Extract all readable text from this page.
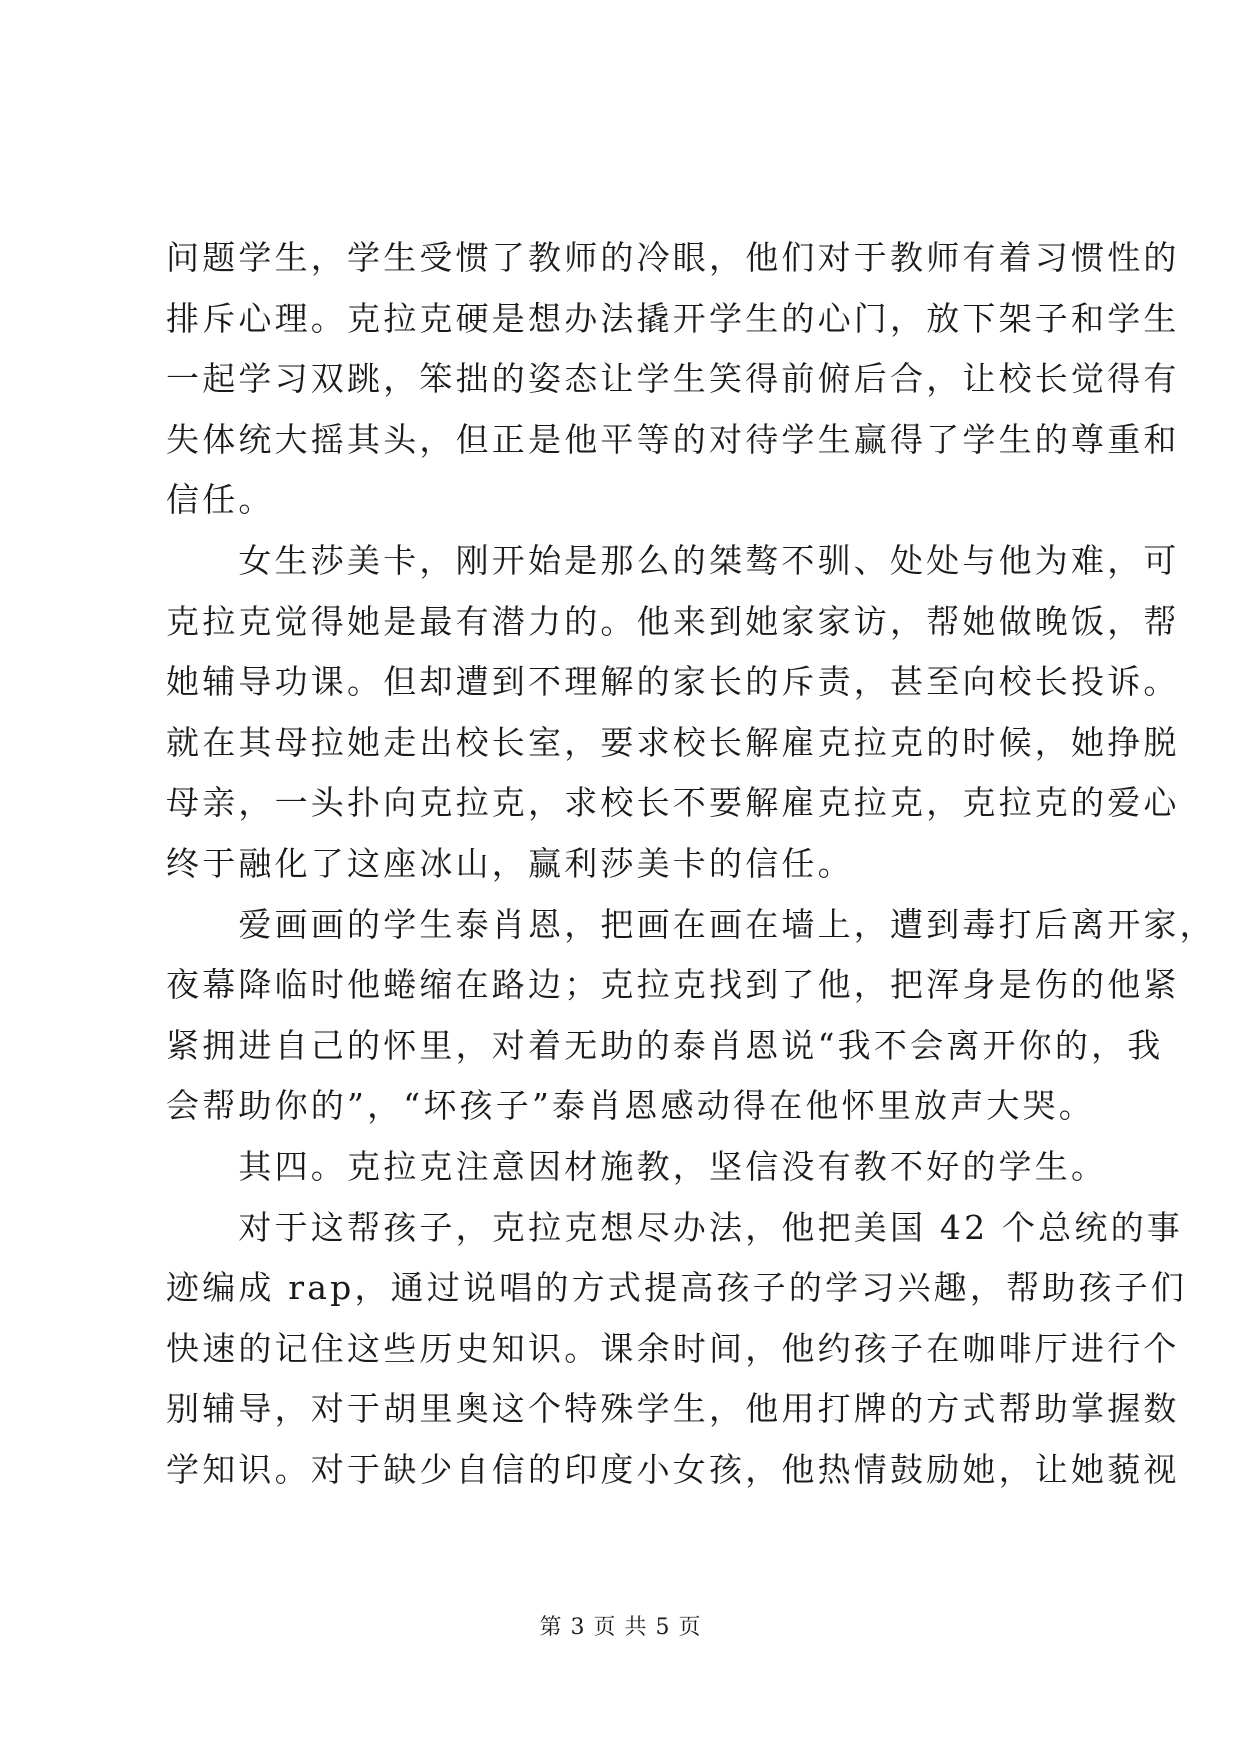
问题学生，学生受惯了教师的冷眼，他们对于教师有着习惯性的
排斥心理。克拉克硬是想办法撬开学生的心门，放下架子和学生
一起学习双跳，笨拙的姿态让学生笑得前俯后合，让校长觉得有
失体统大摇其头，但正是他平等的对待学生赢得了学生的尊重和
信任。
　　女生莎美卡，刚开始是那么的桀骜不驯、处处与他为难，可
克拉克觉得她是最有潜力的。他来到她家家访，帮她做晚饭，帮
她辅导功课。但却遭到不理解的家长的斥责，甚至向校长投诉。
就在其母拉她走出校长室，要求校长解雇克拉克的时候，她挣脱
母亲，一头扑向克拉克，求校长不要解雇克拉克，克拉克的爱心
终于融化了这座冰山，赢利莎美卡的信任。
　　爱画画的学生泰肖恩，把画在画在墙上，遭到毒打后离开家，
夜幕降临时他蜷缩在路边；克拉克找到了他，把浑身是伤的他紧
紧拥进自己的怀里，对着无助的泰肖恩说“我不会离开你的，我
会帮助你的”，“坏孩子”泰肖恩感动得在他怀里放声大哭。
　　其四。克拉克注意因材施教，坚信没有教不好的学生。
　　对于这帮孩子，克拉克想尽办法，他把美国 42 个总统的事
迹编成 rap，通过说唱的方式提高孩子的学习兴趣，帮助孩子们
快速的记住这些历史知识。课余时间，他约孩子在咖啡厅进行个
别辅导，对于胡里奥这个特殊学生，他用打牌的方式帮助掌握数
学知识。对于缺少自信的印度小女孩，他热情鼓励她，让她藐视
第 3 页 共 5 页
